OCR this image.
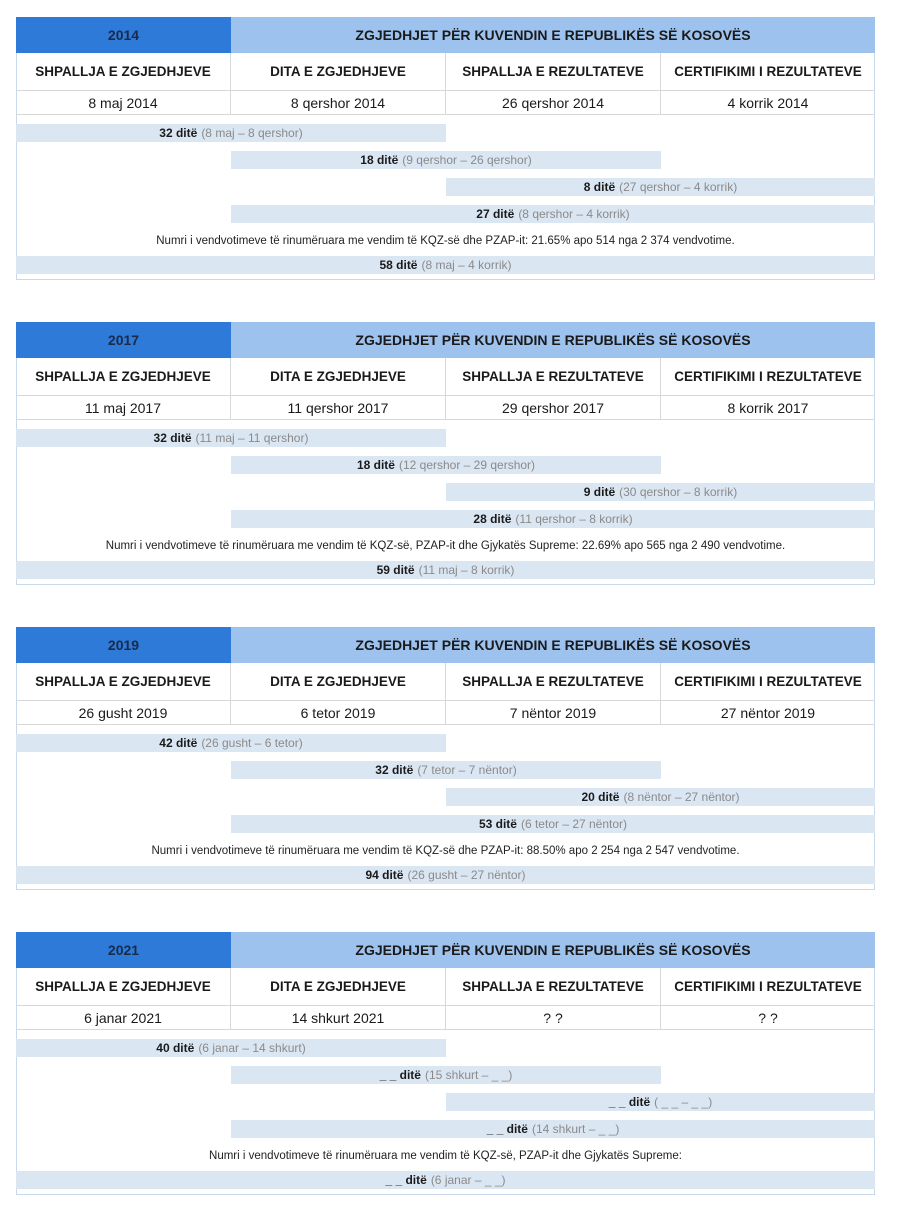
2014	ZGJEDHJET PËR KUVENDIN E REPUBLIKËS SË KOSOVËS
SHPALLJA E ZGJEDHJEVE	DITA E ZGJEDHJEVE	SHPALLJA E REZULTATEVE	CERTIFIKIMI I REZULTATEVE
8 maj 2014	8 qershor 2014	26 qershor 2014	4 korrik 2014
32 ditë (8 maj – 8 qershor)
18 ditë (9 qershor – 26 qershor)
8 ditë (27 qershor – 4 korrik)
27 ditë (8 qershor – 4 korrik)
Numri i vendvotimeve të rinumëruara me vendim të KQZ-së dhe PZAP-it: 21.65% apo 514 nga 2 374 vendvotime.
58 ditë (8 maj – 4 korrik)
2017	ZGJEDHJET PËR KUVENDIN E REPUBLIKËS SË KOSOVËS
SHPALLJA E ZGJEDHJEVE	DITA E ZGJEDHJEVE	SHPALLJA E REZULTATEVE	CERTIFIKIMI I REZULTATEVE
11 maj 2017	11 qershor 2017	29 qershor 2017	8 korrik 2017
32 ditë (11 maj – 11 qershor)
18 ditë (12 qershor – 29 qershor)
9 ditë (30 qershor – 8 korrik)
28 ditë (11 qershor – 8 korrik)
Numri i vendvotimeve të rinumëruara me vendim të KQZ-së, PZAP-it dhe Gjykatës Supreme: 22.69% apo 565 nga 2 490 vendvotime.
59 ditë (11 maj – 8 korrik)
2019	ZGJEDHJET PËR KUVENDIN E REPUBLIKËS SË KOSOVËS
SHPALLJA E ZGJEDHJEVE	DITA E ZGJEDHJEVE	SHPALLJA E REZULTATEVE	CERTIFIKIMI I REZULTATEVE
26 gusht 2019	6 tetor 2019	7 nëntor 2019	27 nëntor 2019
42 ditë (26 gusht – 6 tetor)
32 ditë (7 tetor – 7 nëntor)
20 ditë (8 nëntor – 27 nëntor)
53 ditë (6 tetor – 27 nëntor)
Numri i vendvotimeve të rinumëruara me vendim të KQZ-së dhe PZAP-it: 88.50% apo 2 254 nga 2 547 vendvotime.
94 ditë (26 gusht – 27 nëntor)
2021	ZGJEDHJET PËR KUVENDIN E REPUBLIKËS SË KOSOVËS
SHPALLJA E ZGJEDHJEVE	DITA E ZGJEDHJEVE	SHPALLJA E REZULTATEVE	CERTIFIKIMI I REZULTATEVE
6 janar 2021	14 shkurt 2021	? ?	? ?
40 ditë (6 janar – 14 shkurt)
_ _ ditë (15 shkurt – _ _)
_ _ ditë ( _ _ – _ _)
_ _ ditë (14 shkurt – _ _)
Numri i vendvotimeve të rinumëruara me vendim të KQZ-së, PZAP-it dhe Gjykatës Supreme:
_ _ ditë (6 janar – _ _)
